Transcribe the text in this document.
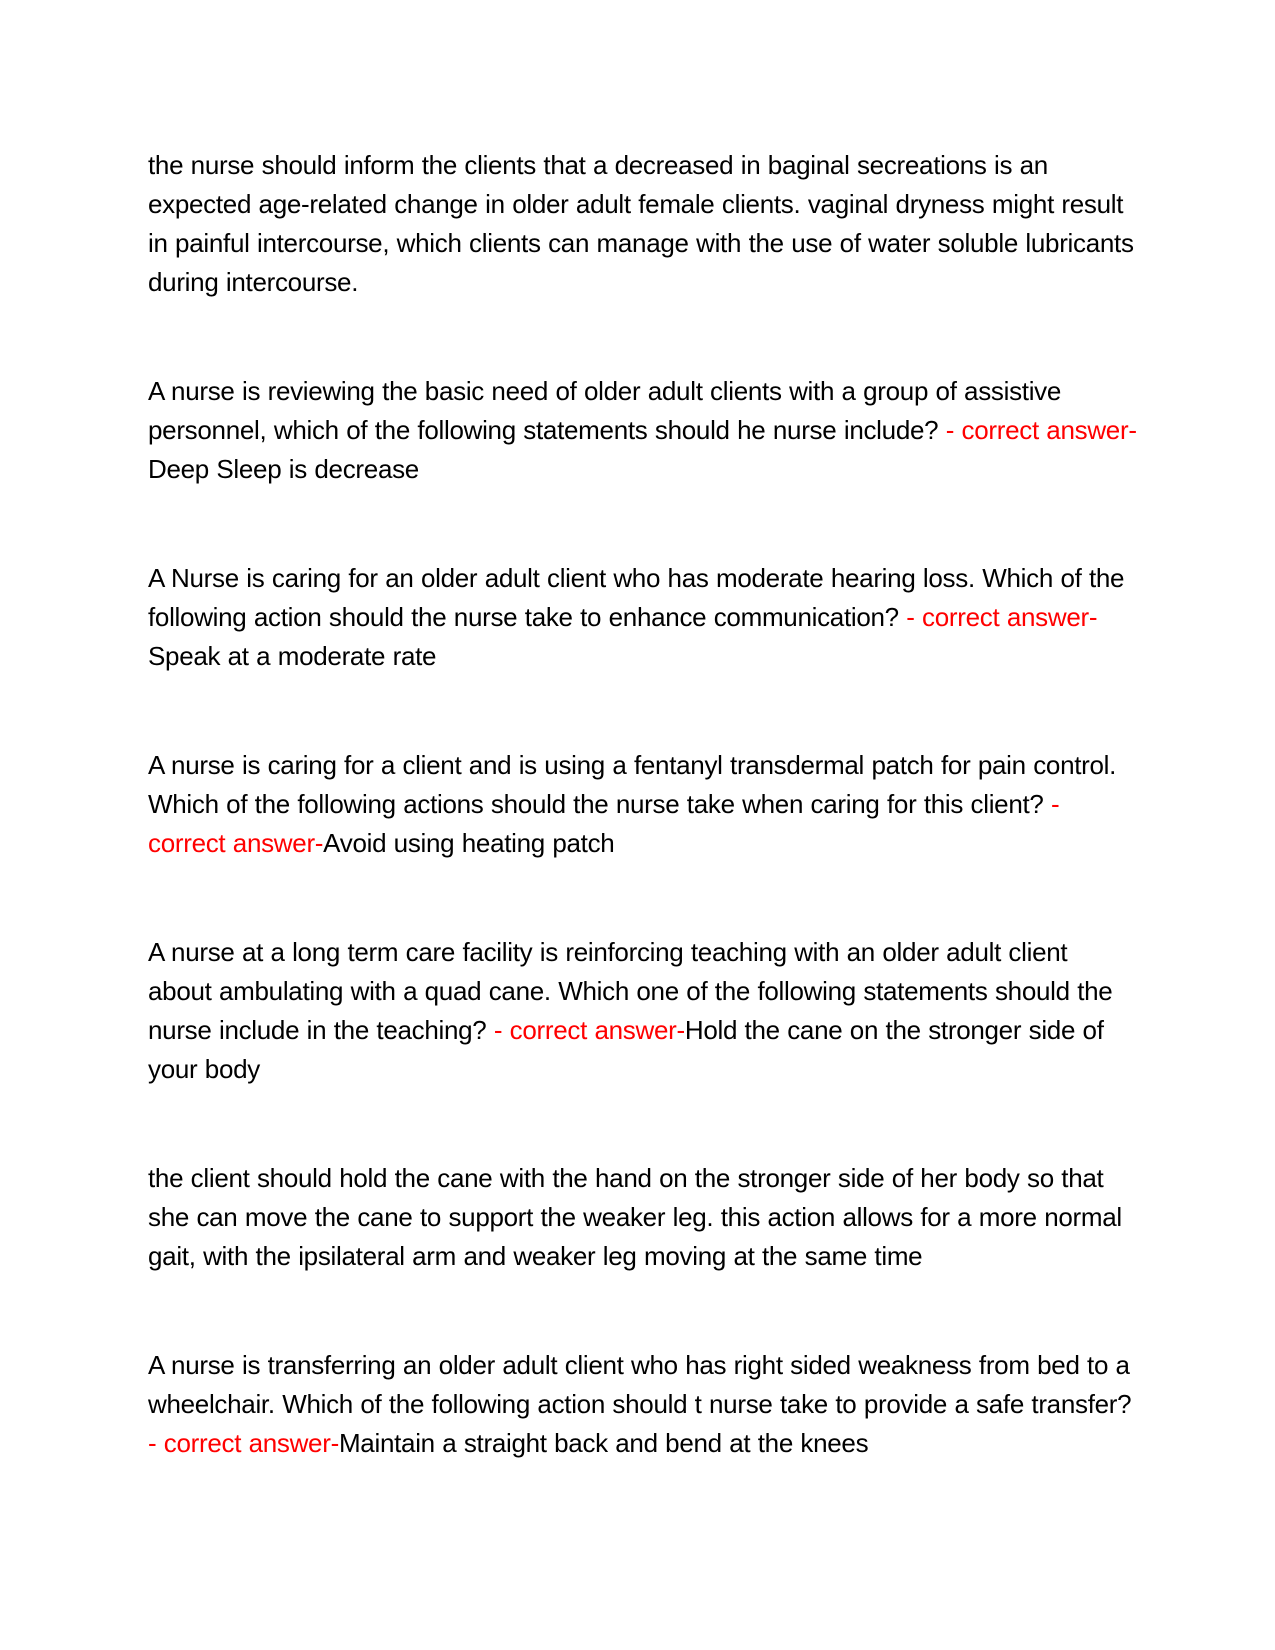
the nurse should inform the clients that a decreased in baginal secreations is an expected age-related change in older adult female clients. vaginal dryness might result in painful intercourse, which clients can manage with the use of water soluble lubricants during intercourse.

A nurse is reviewing the basic need of older adult clients with a group of assistive personnel, which of the following statements should he nurse include? - correct answer-Deep Sleep is decrease

A Nurse is caring for an older adult client who has moderate hearing loss. Which of the following action should the nurse take to enhance communication? - correct answer-Speak at a moderate rate

A nurse is caring for a client and is using a fentanyl transdermal patch for pain control. Which of the following actions should the nurse take when caring for this client? - correct answer-Avoid using heating patch

A nurse at a long term care facility is reinforcing teaching with an older adult client about ambulating with a quad cane. Which one of the following statements should the nurse include in the teaching? - correct answer-Hold the cane on the stronger side of your body

the client should hold the cane with the hand on the stronger side of her body so that she can move the cane to support the weaker leg. this action allows for a more normal gait, with the ipsilateral arm and weaker leg moving at the same time

A nurse is transferring an older adult client who has right sided weakness from bed to a wheelchair. Which of the following action should t nurse take to provide a safe transfer? - correct answer-Maintain a straight back and bend at the knees
